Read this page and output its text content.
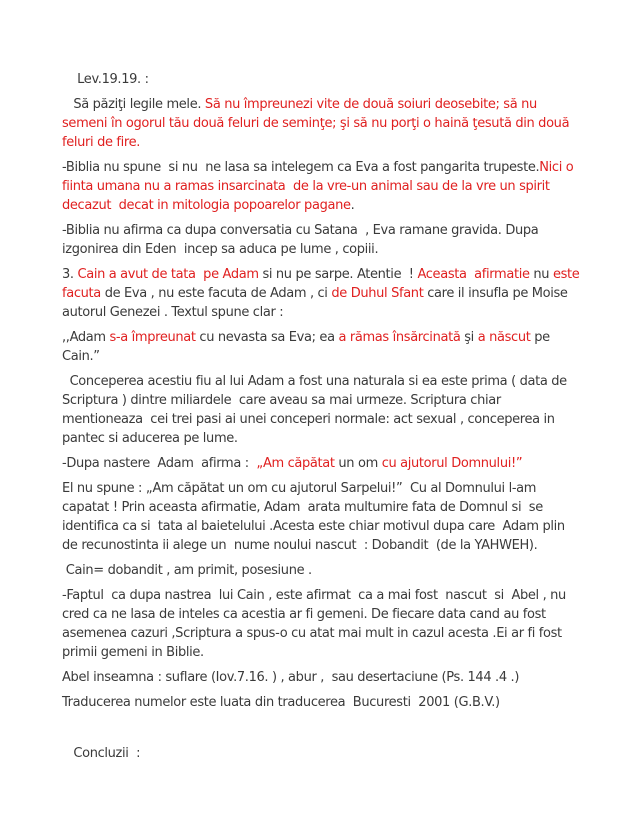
Lev.19.19. :

Să păziţi legile mele. Să nu împreunezi vite de două soiuri deosebite; să nu semeni în ogorul tău două feluri de seminţe; şi să nu porţi o haină ţesută din două feluri de fire.

-Biblia nu spune  si nu  ne lasa sa intelegem ca Eva a fost pangarita trupeste.Nici o fiinta umana nu a ramas insarcinata  de la vre-un animal sau de la vre un spirit decazut  decat in mitologia popoarelor pagane.

-Biblia nu afirma ca dupa conversatia cu Satana  , Eva ramane gravida. Dupa izgonirea din Eden  incep sa aduca pe lume , copiii.

3. Cain a avut de tata  pe Adam si nu pe sarpe. Atentie  ! Aceasta  afirmatie nu este facuta de Eva , nu este facuta de Adam , ci de Duhul Sfant care il insufla pe Moise autorul Genezei . Textul spune clar :

,,Adam s-a împreunat cu nevasta sa Eva; ea a rămas însărcinată şi a născut pe Cain.”

Conceperea acestiu fiu al lui Adam a fost una naturala si ea este prima ( data de Scriptura ) dintre miliardele  care aveau sa mai urmeze. Scriptura chiar mentioneaza  cei trei pasi ai unei conceperi normale: act sexual , conceperea in pantec si aducerea pe lume.

-Dupa nastere  Adam  afirma :  „Am căpătat un om cu ajutorul Domnului!”

El nu spune : „Am căpătat un om cu ajutorul Sarpelui!”  Cu al Domnului l-am capatat ! Prin aceasta afirmatie, Adam  arata multumire fata de Domnul si  se identifica ca si  tata al baietelului .Acesta este chiar motivul dupa care  Adam plin de recunostinta ii alege un  nume noului nascut  : Dobandit  (de la YAHWEH).

Cain= dobandit , am primit, posesiune .

-Faptul  ca dupa nastrea  lui Cain , este afirmat  ca a mai fost  nascut  si  Abel , nu cred ca ne lasa de inteles ca acestia ar fi gemeni. De fiecare data cand au fost asemenea cazuri ,Scriptura a spus-o cu atat mai mult in cazul acesta .Ei ar fi fost primii gemeni in Biblie.

Abel inseamna : suflare (Iov.7.16. ) , abur ,  sau desertaciune (Ps. 144 .4 .)

Traducerea numelor este luata din traducerea  Bucuresti  2001 (G.B.V.)

Concluzii  :
